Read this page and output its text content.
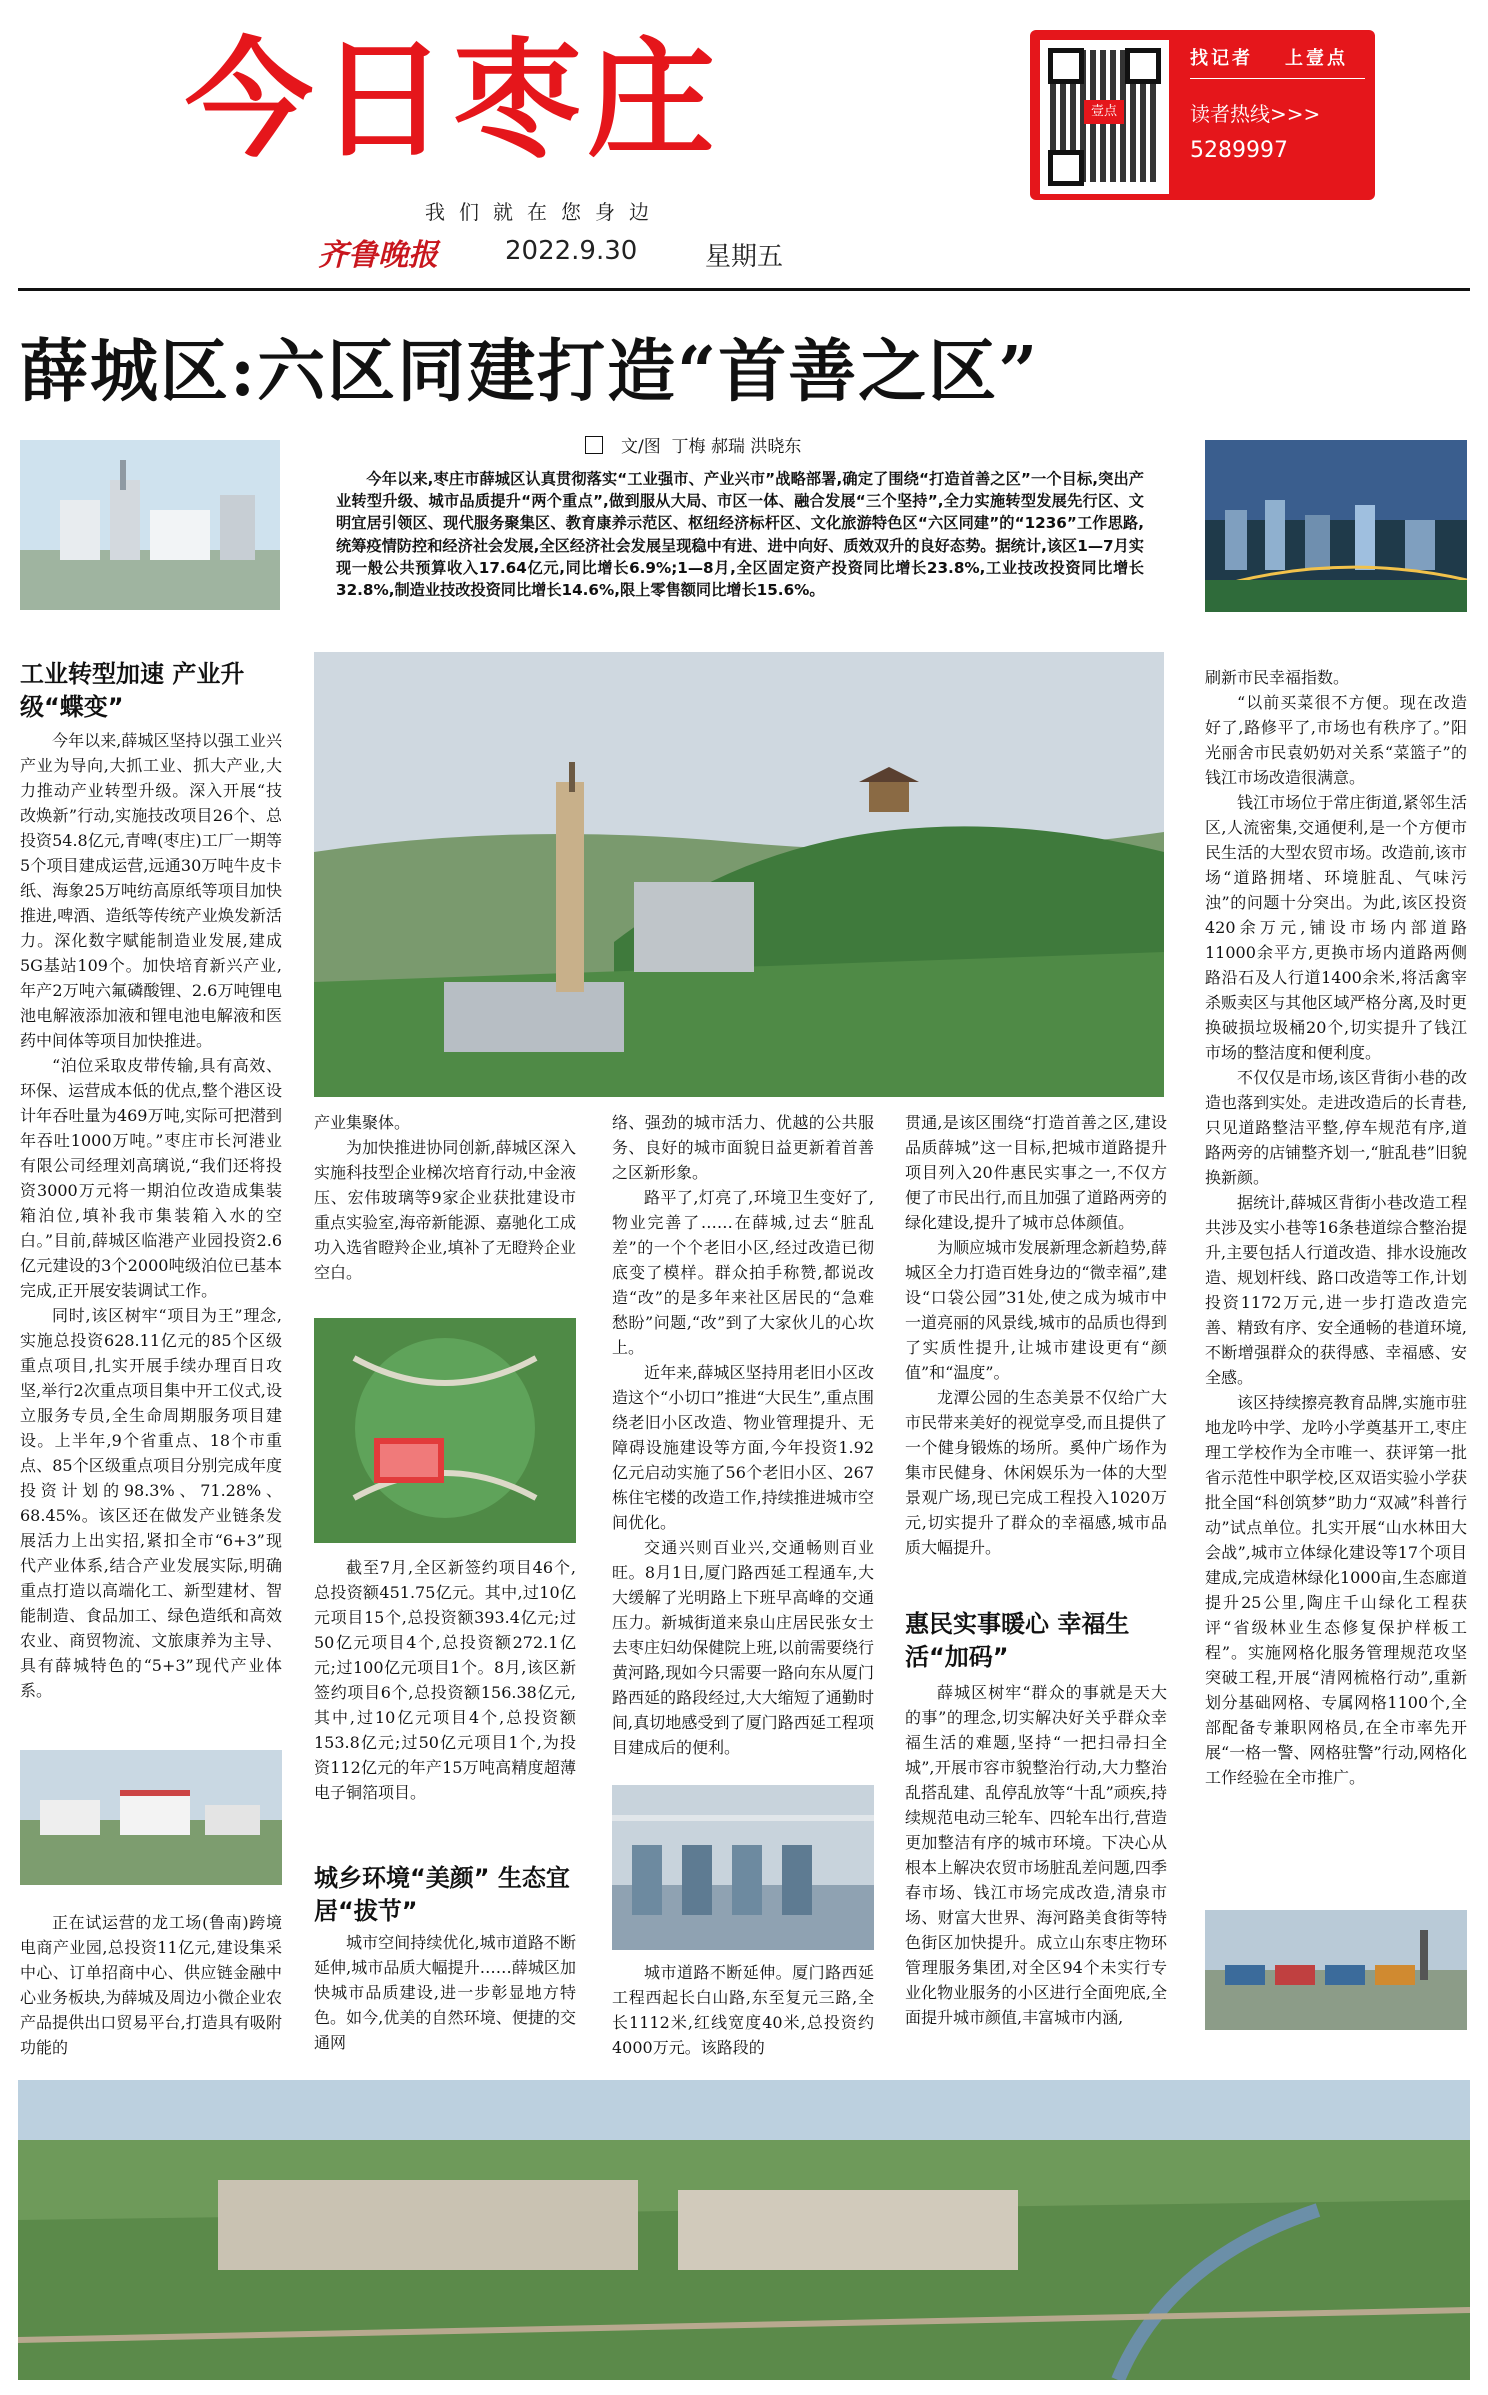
今日枣庄
我们就在您身边
齐鲁晚报	2022.9.30	星期五
壹点
找记者 上壹点
读者热线>>>
5289997
薛城区:六区同建打造“首善之区”
文/图 丁梅 郝瑞 洪晓东
今年以来,枣庄市薛城区认真贯彻落实“工业强市、产业兴市”战略部署,确定了围绕“打造首善之区”一个目标,突出产业转型升级、城市品质提升“两个重点”,做到服从大局、市区一体、融合发展“三个坚持”,全力实施转型发展先行区、文明宜居引领区、现代服务聚集区、教育康养示范区、枢纽经济标杆区、文化旅游特色区“六区同建”的“1236”工作思路,统筹疫情防控和经济社会发展,全区经济社会发展呈现稳中有进、进中向好、质效双升的良好态势。据统计,该区1—7月实现一般公共预算收入17.64亿元,同比增长6.9%;1—8月,全区固定资产投资同比增长23.8%,工业技改投资同比增长32.8%,制造业技改投资同比增长14.6%,限上零售额同比增长15.6%。
工业转型加速 产业升级“蝶变”

今年以来,薛城区坚持以强工业兴产业为导向,大抓工业、抓大产业,大力推动产业转型升级。深入开展“技改焕新”行动,实施技改项目26个、总投资54.8亿元,青啤(枣庄)工厂一期等5个项目建成运营,远通30万吨牛皮卡纸、海象25万吨纺高原纸等项目加快推进,啤酒、造纸等传统产业焕发新活力。深化数字赋能制造业发展,建成5G基站109个。加快培育新兴产业,年产2万吨六氟磷酸锂、2.6万吨锂电池电解液添加液和锂电池电解液和医药中间体等项目加快推进。

“泊位采取皮带传输,具有高效、环保、运营成本低的优点,整个港区设计年吞吐量为469万吨,实际可把潜到年吞吐1000万吨。”枣庄市长河港业有限公司经理刘高璃说,“我们还将投资3000万元将一期泊位改造成集装箱泊位,填补我市集装箱入水的空白。”目前,薛城区临港产业园投资2.6亿元建设的3个2000吨级泊位已基本完成,正开展安装调试工作。

同时,该区树牢“项目为王”理念,实施总投资628.11亿元的85个区级重点项目,扎实开展手续办理百日攻坚,举行2次重点项目集中开工仪式,设立服务专员,全生命周期服务项目建设。上半年,9个省重点、18个市重点、85个区级重点项目分别完成年度投资计划的98.3%、71.28%、68.45%。该区还在做发产业链条发展活力上出实招,紧扣全市“6+3”现代产业体系,结合产业发展实际,明确重点打造以高端化工、新型建材、智能制造、食品加工、绿色造纸和高效农业、商贸物流、文旅康养为主导、具有薛城特色的“5+3”现代产业体系。

正在试运营的龙工场(鲁南)跨境电商产业园,总投资11亿元,建设集采中心、订单招商中心、供应链金融中心业务板块,为薛城及周边小微企业农产品提供出口贸易平台,打造具有吸附功能的

产业集聚体。

为加快推进协同创新,薛城区深入实施科技型企业梯次培育行动,中金液压、宏伟玻璃等9家企业获批建设市重点实验室,海帝新能源、嘉驰化工成功入选省瞪羚企业,填补了无瞪羚企业空白。

截至7月,全区新签约项目46个,总投资额451.75亿元。其中,过10亿元项目15个,总投资额393.4亿元;过50亿元项目4个,总投资额272.1亿元;过100亿元项目1个。8月,该区新签约项目6个,总投资额156.38亿元,其中,过10亿元项目4个,总投资额153.8亿元;过50亿元项目1个,为投资112亿元的年产15万吨高精度超薄电子铜箔项目。

城乡环境“美颜” 生态宜居“拔节”

城市空间持续优化,城市道路不断延伸,城市品质大幅提升……薛城区加快城市品质建设,进一步彰显地方特色。如今,优美的自然环境、便捷的交通网

络、强劲的城市活力、优越的公共服务、良好的城市面貌日益更新着首善之区新形象。

路平了,灯亮了,环境卫生变好了,物业完善了……在薛城,过去“脏乱差”的一个个老旧小区,经过改造已彻底变了模样。群众拍手称赞,都说改造“改”的是多年来社区居民的“急难愁盼”问题,“改”到了大家伙儿的心坎上。

近年来,薛城区坚持用老旧小区改造这个“小切口”推进“大民生”,重点围绕老旧小区改造、物业管理提升、无障碍设施建设等方面,今年投资1.92亿元启动实施了56个老旧小区、267栋住宅楼的改造工作,持续推进城市空间优化。

交通兴则百业兴,交通畅则百业旺。8月1日,厦门路西延工程通车,大大缓解了光明路上下班早高峰的交通压力。新城街道来泉山庄居民张女士去枣庄妇幼保健院上班,以前需要绕行黄河路,现如今只需要一路向东从厦门路西延的路段经过,大大缩短了通勤时间,真切地感受到了厦门路西延工程项目建成后的便利。

城市道路不断延伸。厦门路西延工程西起长白山路,东至复元三路,全长1112米,红线宽度40米,总投资约4000万元。该路段的

贯通,是该区围绕“打造首善之区,建设品质薛城”这一目标,把城市道路提升项目列入20件惠民实事之一,不仅方便了市民出行,而且加强了道路两旁的绿化建设,提升了城市总体颜值。

为顺应城市发展新理念新趋势,薛城区全力打造百姓身边的“微幸福”,建设“口袋公园”31处,使之成为城市中一道亮丽的风景线,城市的品质也得到了实质性提升,让城市建设更有“颜值”和“温度”。

龙潭公园的生态美景不仅给广大市民带来美好的视觉享受,而且提供了一个健身锻炼的场所。奚仲广场作为集市民健身、休闲娱乐为一体的大型景观广场,现已完成工程投入1020万元,切实提升了群众的幸福感,城市品质大幅提升。

惠民实事暖心 幸福生活“加码”

薛城区树牢“群众的事就是天大的事”的理念,切实解决好关乎群众幸福生活的难题,坚持“一把扫帚扫全城”,开展市容市貌整治行动,大力整治乱搭乱建、乱停乱放等“十乱”顽疾,持续规范电动三轮车、四轮车出行,营造更加整洁有序的城市环境。下决心从根本上解决农贸市场脏乱差问题,四季春市场、钱江市场完成改造,清泉市场、财富大世界、海河路美食街等特色街区加快提升。成立山东枣庄物环管理服务集团,对全区94个未实行专业化物业服务的小区进行全面兜底,全面提升城市颜值,丰富城市内涵,

刷新市民幸福指数。

“以前买菜很不方便。现在改造好了,路修平了,市场也有秩序了。”阳光丽舍市民袁奶奶对关系“菜篮子”的钱江市场改造很满意。

钱江市场位于常庄街道,紧邻生活区,人流密集,交通便利,是一个方便市民生活的大型农贸市场。改造前,该市场“道路拥堵、环境脏乱、气味污浊”的问题十分突出。为此,该区投资420余万元,铺设市场内部道路11000余平方,更换市场内道路两侧路沿石及人行道1400余米,将活禽宰杀贩卖区与其他区域严格分离,及时更换破损垃圾桶20个,切实提升了钱江市场的整洁度和便利度。

不仅仅是市场,该区背街小巷的改造也落到实处。走进改造后的长青巷,只见道路整洁平整,停车规范有序,道路两旁的店铺整齐划一,“脏乱巷”旧貌换新颜。

据统计,薛城区背街小巷改造工程共涉及实小巷等16条巷道综合整治提升,主要包括人行道改造、排水设施改造、规划杆线、路口改造等工作,计划投资1172万元,进一步打造改造完善、精致有序、安全通畅的巷道环境,不断增强群众的获得感、幸福感、安全感。

该区持续擦亮教育品牌,实施市驻地龙吟中学、龙吟小学奠基开工,枣庄理工学校作为全市唯一、获评第一批省示范性中职学校,区双语实验小学获批全国“科创筑梦”助力“双减”科普行动”试点单位。扎实开展“山水林田大会战”,城市立体绿化建设等17个项目建成,完成造林绿化1000亩,生态廊道提升25公里,陶庄千山绿化工程获评“省级林业生态修复保护样板工程”。实施网格化服务管理规范攻坚突破工程,开展“清网梳格行动”,重新划分基础网格、专属网格1100个,全部配备专兼职网格员,在全市率先开展“一格一警、网格驻警”行动,网格化工作经验在全市推广。
